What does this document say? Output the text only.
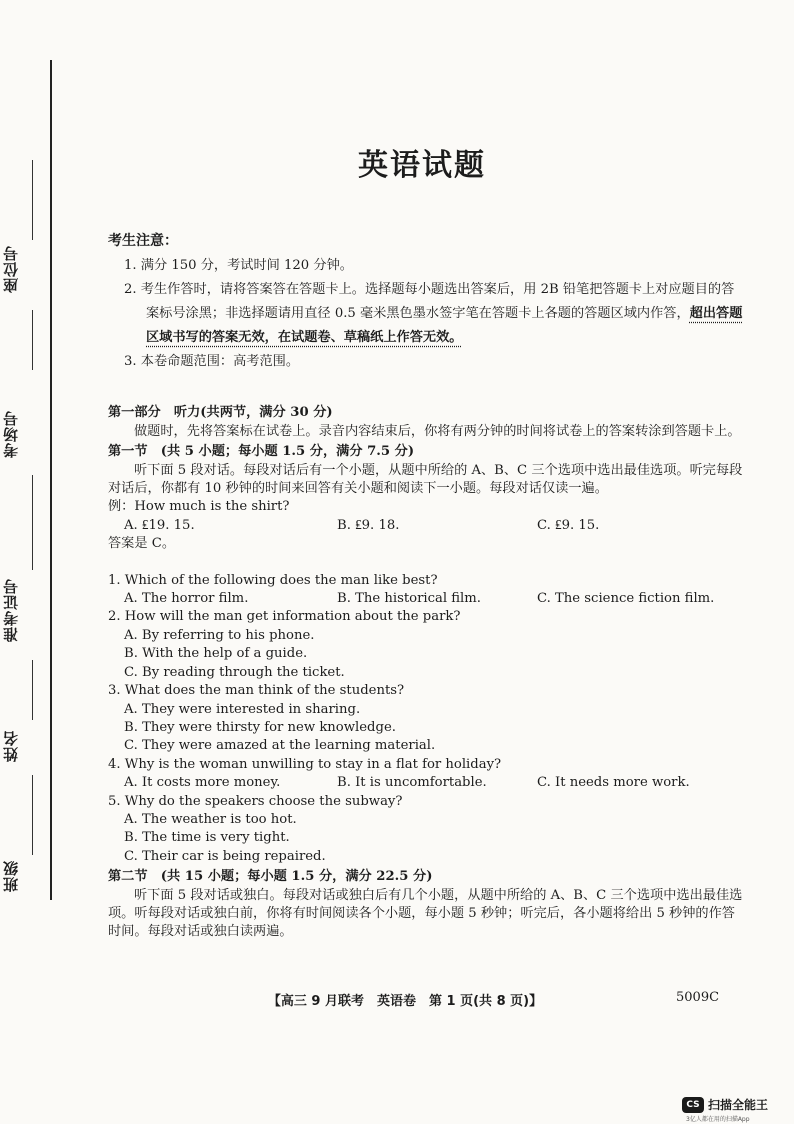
座位号
考场号
准考证号
姓名
班级
英语试题
考生注意：
1. 满分 150 分，考试时间 120 分钟。
2. 考生作答时，请将答案答在答题卡上。选择题每小题选出答案后，用 2B 铅笔把答题卡上对应题目的答案标号涂黑；非选择题请用直径 0.5 毫米黑色墨水签字笔在答题卡上各题的答题区域内作答，超出答题区域书写的答案无效，在试题卷、草稿纸上作答无效。
3. 本卷命题范围：高考范围。
第一部分　听力(共两节，满分 30 分)
做题时，先将答案标在试卷上。录音内容结束后，你将有两分钟的时间将试卷上的答案转涂到答题卡上。
第一节　(共 5 小题；每小题 1.5 分，满分 7.5 分)
听下面 5 段对话。每段对话后有一个小题，从题中所给的 A、B、C 三个选项中选出最佳选项。听完每段对话后，你都有 10 秒钟的时间来回答有关小题和阅读下一小题。每段对话仅读一遍。
例：How much is the shirt?
A. ₤19. 15.	B. ₤9. 18.	C. ₤9. 15.
答案是 C。
1. Which of the following does the man like best?
A. The horror film.	B. The historical film.	C. The science fiction film.
2. How will the man get information about the park?
A. By referring to his phone.
B. With the help of a guide.
C. By reading through the ticket.
3. What does the man think of the students?
A. They were interested in sharing.
B. They were thirsty for new knowledge.
C. They were amazed at the learning material.
4. Why is the woman unwilling to stay in a flat for holiday?
A. It costs more money.	B. It is uncomfortable.	C. It needs more work.
5. Why do the speakers choose the subway?
A. The weather is too hot.
B. The time is very tight.
C. Their car is being repaired.
第二节　(共 15 小题；每小题 1.5 分，满分 22.5 分)
听下面 5 段对话或独白。每段对话或独白后有几个小题，从题中所给的 A、B、C 三个选项中选出最佳选项。听每段对话或独白前，你将有时间阅读各个小题，每小题 5 秒钟；听完后，各小题将给出 5 秒钟的作答时间。每段对话或独白读两遍。
【高三 9 月联考　英语卷　第 1 页(共 8 页)】	5009C
CS 扫描全能王
3亿人都在用的扫描App
